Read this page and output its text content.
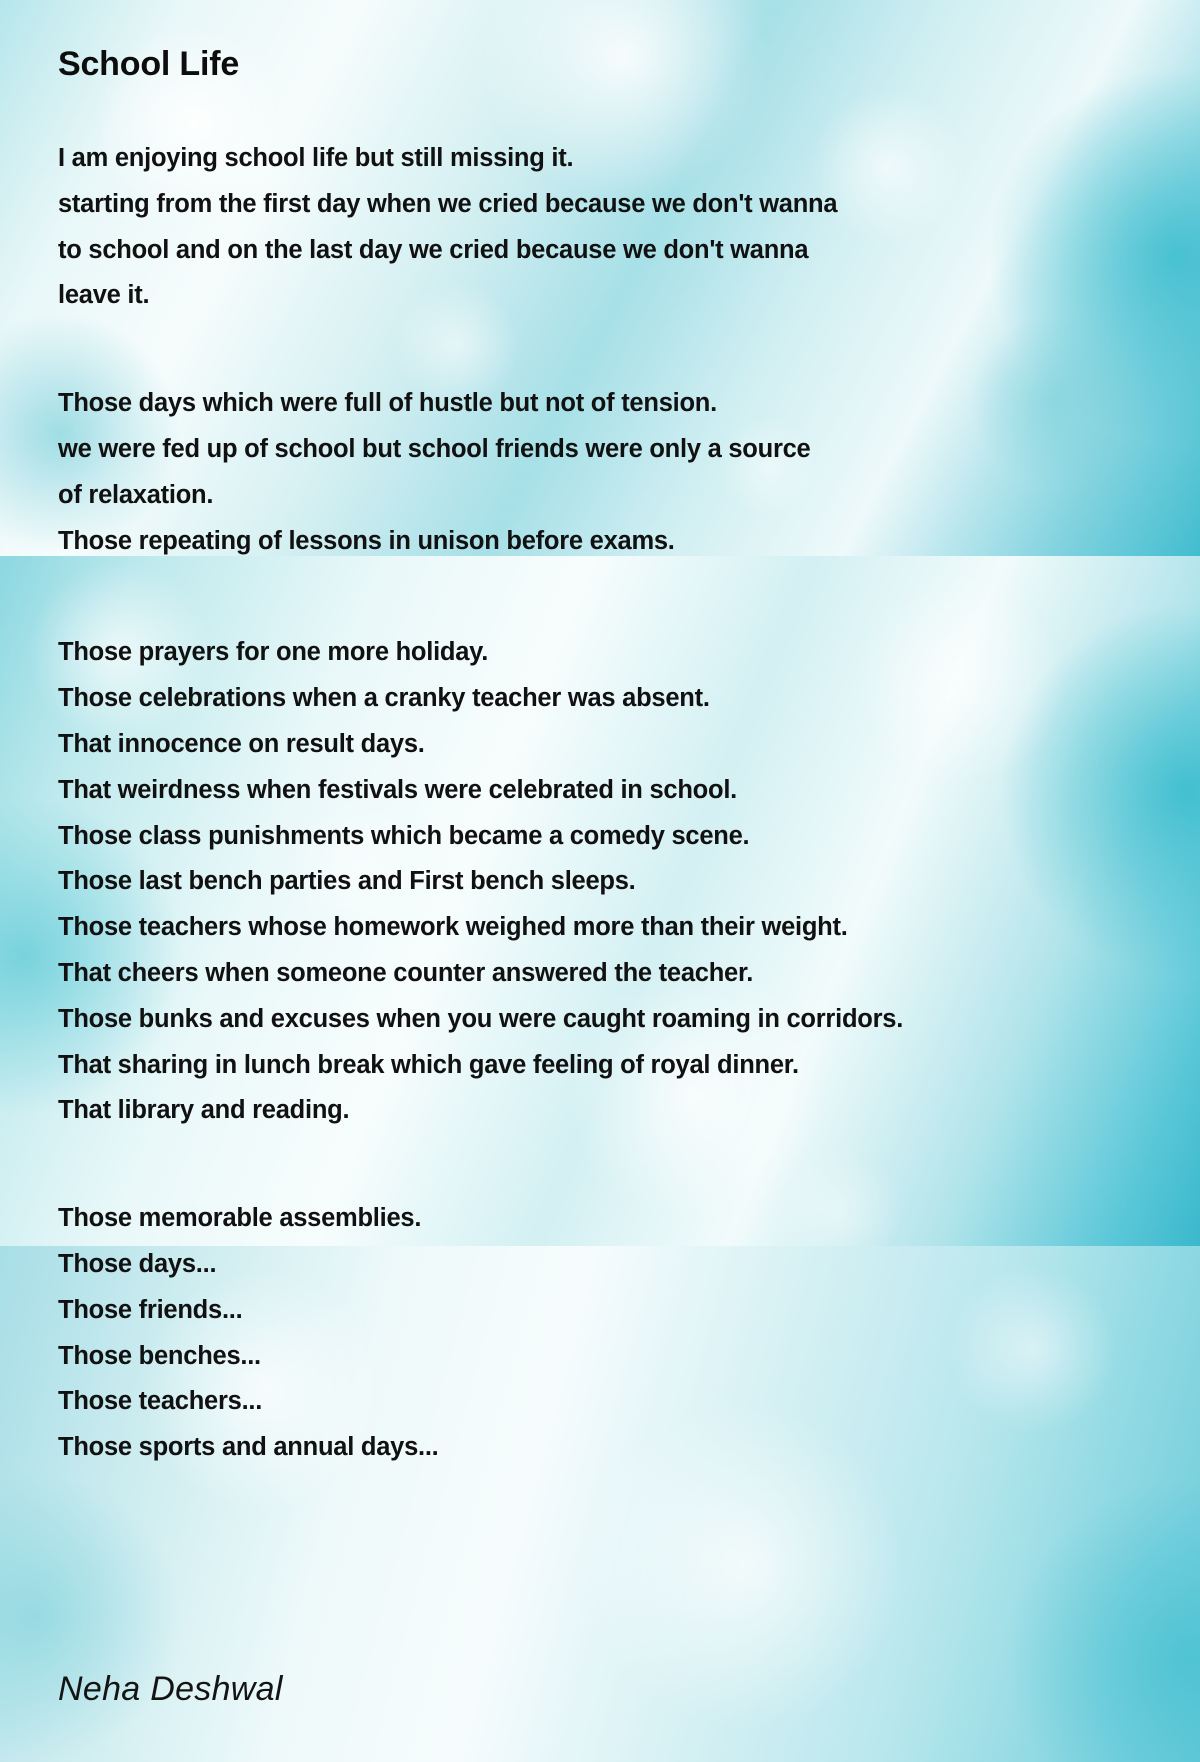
School Life
I am enjoying school life but still missing it.
starting from the first day when we cried because we don't wanna
to school and on the last day we cried because we don't wanna
leave it.
Those days which were full of hustle but not of tension.
we were fed up of school but school friends were only a source
of relaxation.
Those repeating of lessons in unison before exams.
Those prayers for one more holiday.
Those celebrations when a cranky teacher was absent.
That innocence on result days.
That weirdness when festivals were celebrated in school.
Those class punishments which became a comedy scene.
Those last bench parties and First bench sleeps.
Those teachers whose homework weighed more than their weight.
That cheers when someone counter answered the teacher.
Those bunks and excuses when you were caught roaming in corridors.
That sharing in lunch break which gave feeling of royal dinner.
That library and reading.
Those memorable assemblies.
Those days...
Those friends...
Those benches...
Those teachers...
Those sports and annual days...
Neha Deshwal
